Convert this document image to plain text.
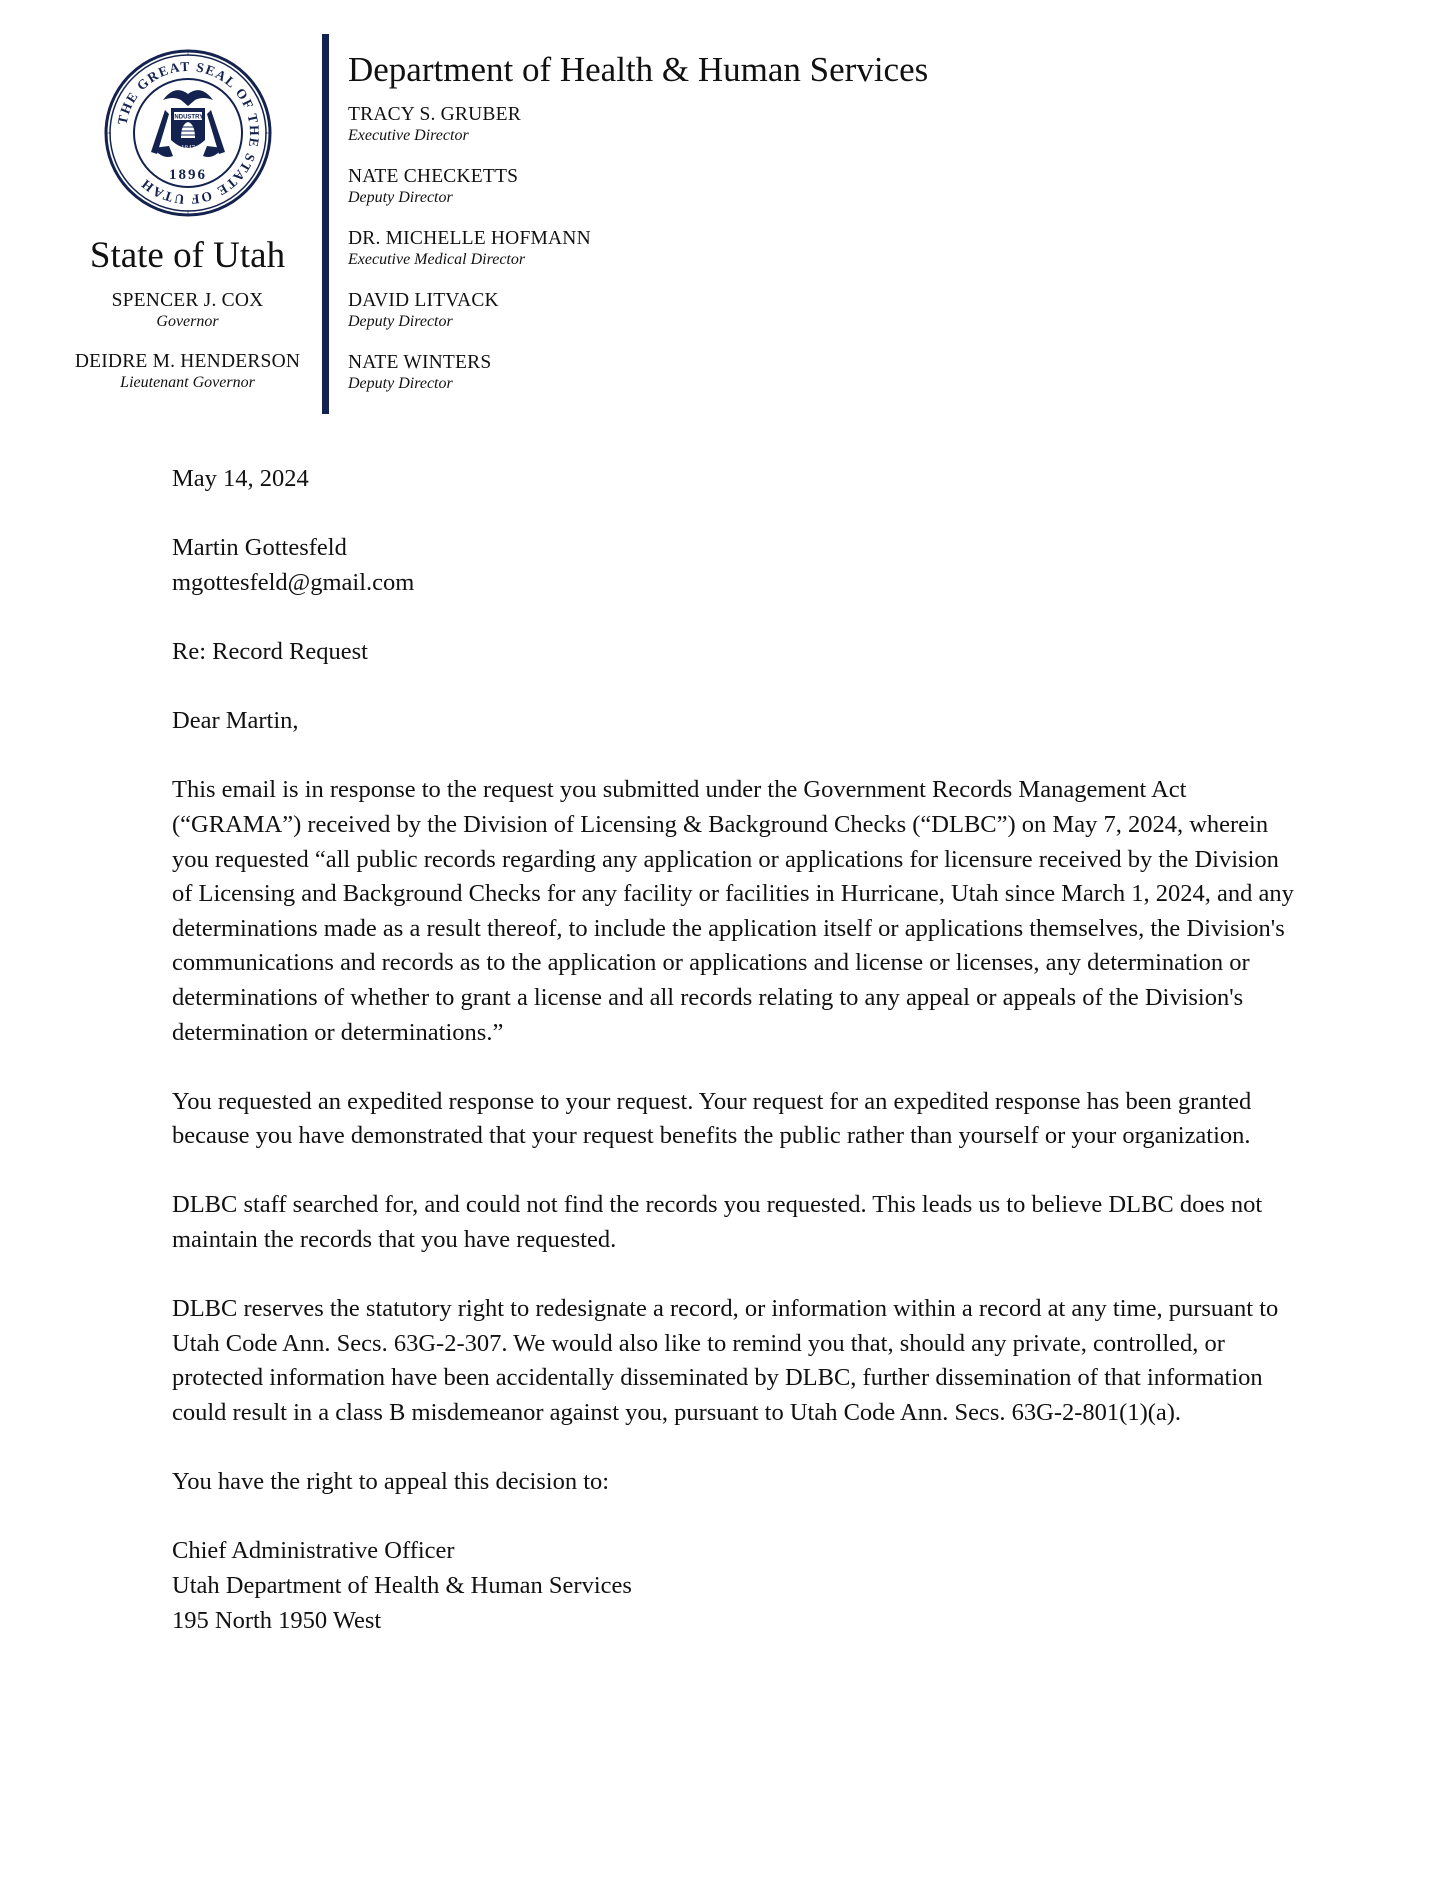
THE GREAT SEAL OF THE STATE OF UTAH
INDUSTRY
1847
1896
State of Utah
SPENCER J. COX
Governor
DEIDRE M. HENDERSON
Lieutenant Governor
Department of Health & Human Services
TRACY S. GRUBER
Executive Director
NATE CHECKETTS
Deputy Director
DR. MICHELLE HOFMANN
Executive Medical Director
DAVID LITVACK
Deputy Director
NATE WINTERS
Deputy Director

May 14, 2024

Martin Gottesfeld
mgottesfeld@gmail.com

Re: Record Request

Dear Martin,

This email is in response to the request you submitted under the Government Records Management Act (“GRAMA”) received by the Division of Licensing & Background Checks (“DLBC”) on May 7, 2024, wherein you requested “all public records regarding any application or applications for licensure received by the Division of Licensing and Background Checks for any facility or facilities in Hurricane, Utah since March 1, 2024, and any determinations made as a result thereof, to include the application itself or applications themselves, the Division's communications and records as to the application or applications and license or licenses, any determination or determinations of whether to grant a license and all records relating to any appeal or appeals of the Division's determination or determinations.”

You requested an expedited response to your request. Your request for an expedited response has been granted because you have demonstrated that your request benefits the public rather than yourself or your organization.

DLBC staff searched for, and could not find the records you requested. This leads us to believe DLBC does not maintain the records that you have requested.

DLBC reserves the statutory right to redesignate a record, or information within a record at any time, pursuant to Utah Code Ann. Secs. 63G-2-307. We would also like to remind you that, should any private, controlled, or protected information have been accidentally disseminated by DLBC, further dissemination of that information could result in a class B misdemeanor against you, pursuant to Utah Code Ann. Secs. 63G-2-801(1)(a).

You have the right to appeal this decision to:

Chief Administrative Officer
Utah Department of Health & Human Services
195 North 1950 West
